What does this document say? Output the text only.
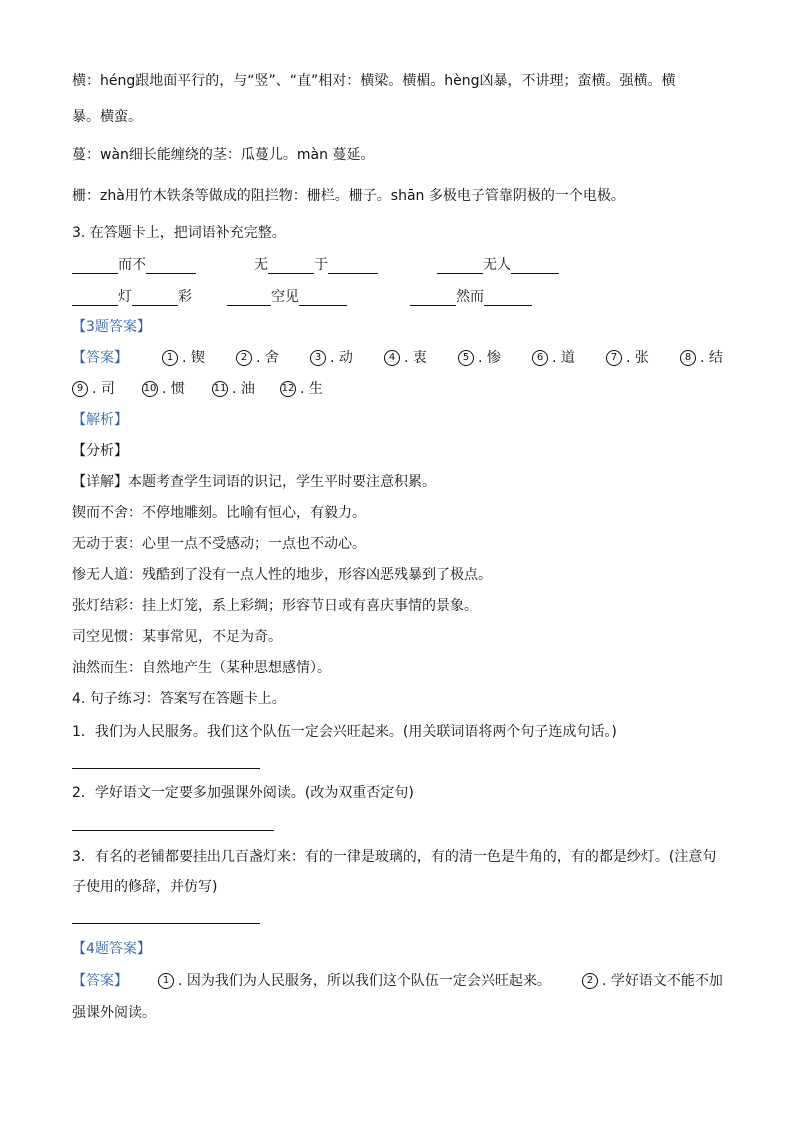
横：héng跟地面平行的，与“竖”、“直”相对：横梁。横楣。hèng凶暴，不讲理；蛮横。强横。横
暴。横蛮。
蔓：wàn细长能缠绕的茎：瓜蔓儿。màn 蔓延。
栅：zhà用竹木铁条等做成的阻拦物：栅栏。栅子。shān 多极电子管靠阴极的一个电极。
3. 在答题卡上，把词语补充完整。
而不	无	于	无人
灯	彩	空见	然而
【3题答案】
【答案】	1 . 锲	2 . 舍	3 . 动	4 . 衷	5 . 惨	6 . 道	7 . 张	8 . 结
9 . 司	10 . 惯	11 . 油	12 . 生
【解析】
【分析】
【详解】本题考查学生词语的识记，学生平时要注意积累。
锲而不舍：不停地雕刻。比喻有恒心，有毅力。
无动于衷：心里一点不受感动；一点也不动心。
惨无人道：残酷到了没有一点人性的地步，形容凶恶残暴到了极点。
张灯结彩：挂上灯笼，系上彩绸；形容节日或有喜庆事情的景象。
司空见惯：某事常见，不足为奇。
油然而生：自然地产生（某种思想感情）。
4. 句子练习：答案写在答题卡上。
1．我们为人民服务。我们这个队伍一定会兴旺起来。(用关联词语将两个句子连成句话。)
2．学好语文一定要多加强课外阅读。(改为双重否定句)
3．有名的老铺都要挂出几百盏灯来：有的一律是玻璃的，有的清一色是牛角的，有的都是纱灯。(注意句
子使用的修辞，并仿写)
【4题答案】
【答案】	1 . 因为我们为人民服务，所以我们这个队伍一定会兴旺起来。	2 . 学好语文不能不加
强课外阅读。
